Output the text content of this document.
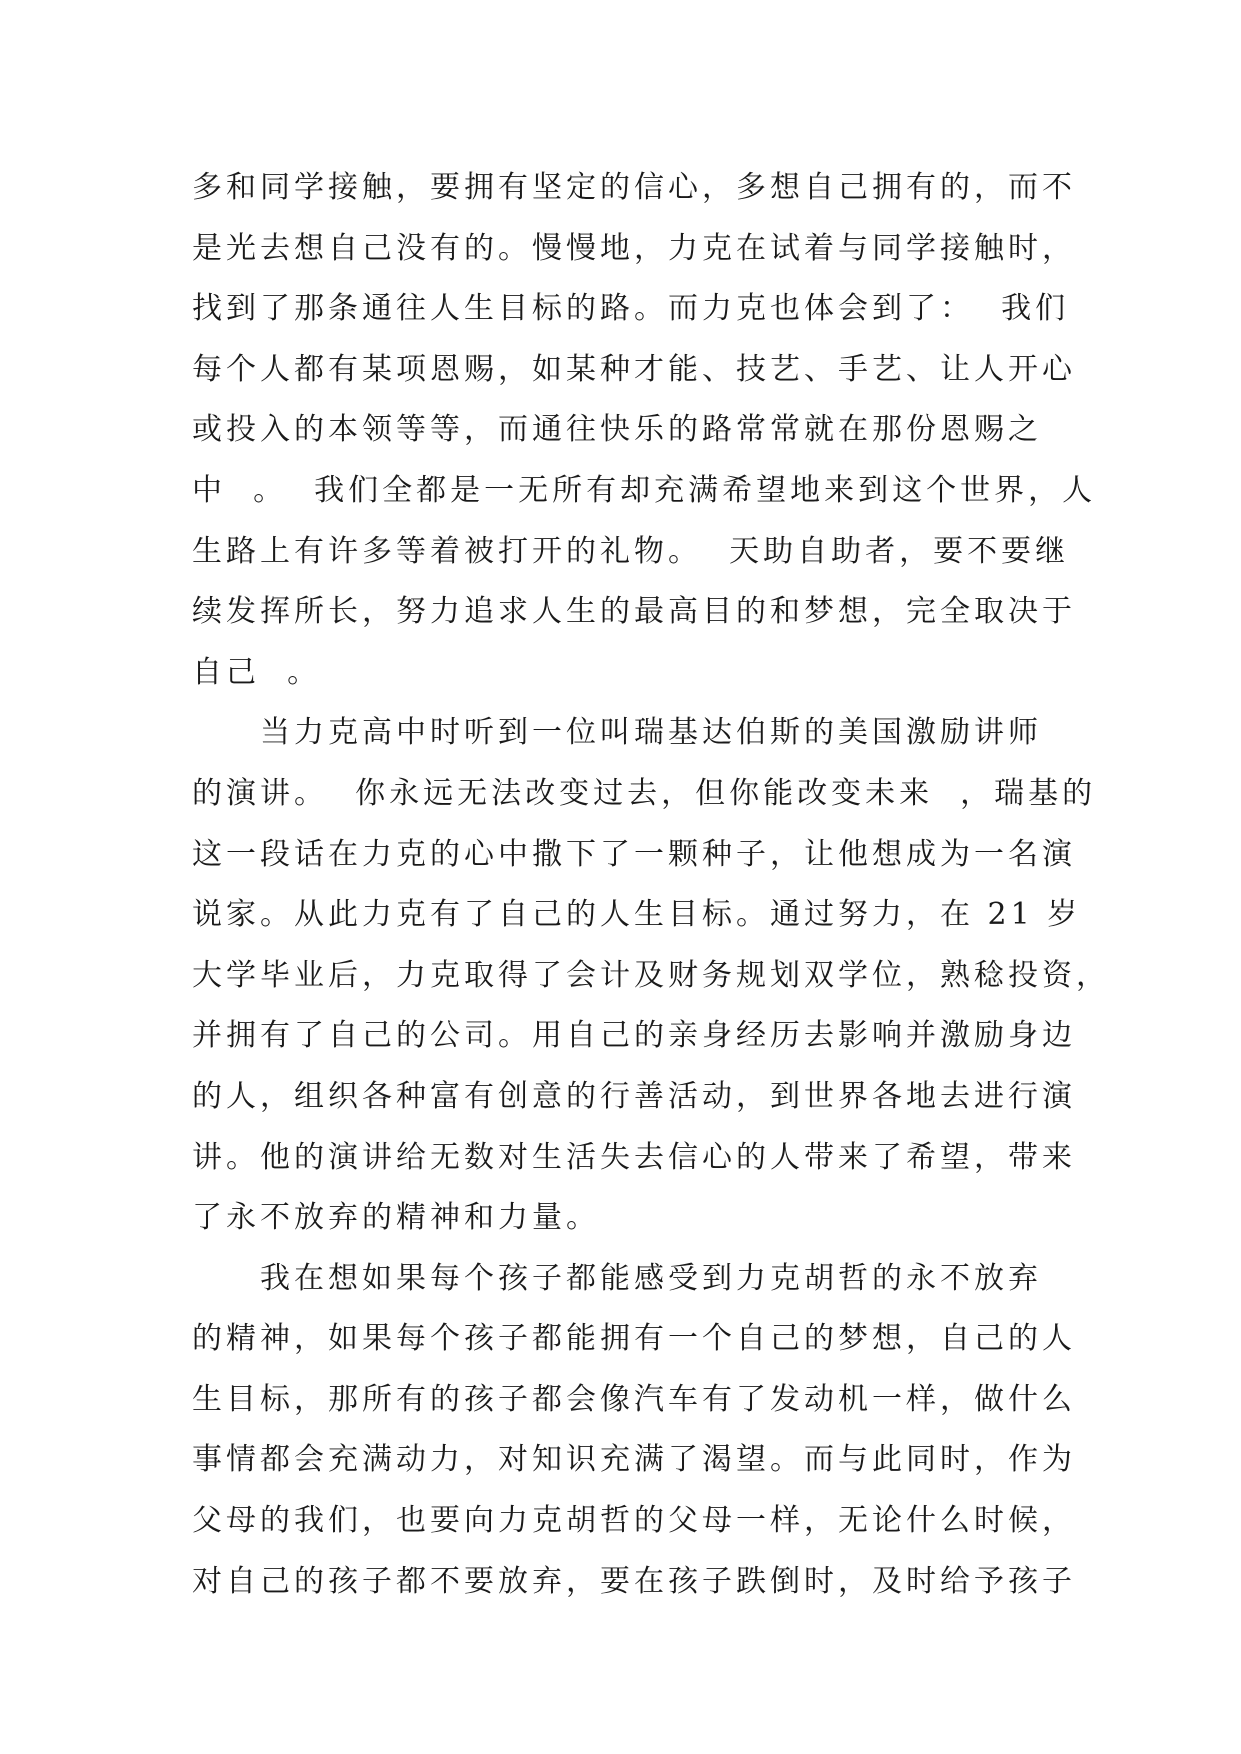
多和同学接触，要拥有坚定的信心，多想自己拥有的，而不
是光去想自己没有的。慢慢地，力克在试着与同学接触时，
找到了那条通往人生目标的路。而力克也体会到了：  我们
每个人都有某项恩赐，如某种才能、技艺、手艺、让人开心
或投入的本领等等，而通往快乐的路常常就在那份恩赐之
中  。  我们全都是一无所有却充满希望地来到这个世界，人
生路上有许多等着被打开的礼物。  天助自助者，要不要继
续发挥所长，努力追求人生的最高目的和梦想，完全取决于
自己  。
当力克高中时听到一位叫瑞基达伯斯的美国激励讲师
的演讲。  你永远无法改变过去，但你能改变未来  ，瑞基的
这一段话在力克的心中撒下了一颗种子，让他想成为一名演
说家。从此力克有了自己的人生目标。通过努力，在 21 岁
大学毕业后，力克取得了会计及财务规划双学位，熟稔投资，
并拥有了自己的公司。用自己的亲身经历去影响并激励身边
的人，组织各种富有创意的行善活动，到世界各地去进行演
讲。他的演讲给无数对生活失去信心的人带来了希望，带来
了永不放弃的精神和力量。
我在想如果每个孩子都能感受到力克胡哲的永不放弃
的精神，如果每个孩子都能拥有一个自己的梦想，自己的人
生目标，那所有的孩子都会像汽车有了发动机一样，做什么
事情都会充满动力，对知识充满了渴望。而与此同时，作为
父母的我们，也要向力克胡哲的父母一样，无论什么时候，
对自己的孩子都不要放弃，要在孩子跌倒时，及时给予孩子
